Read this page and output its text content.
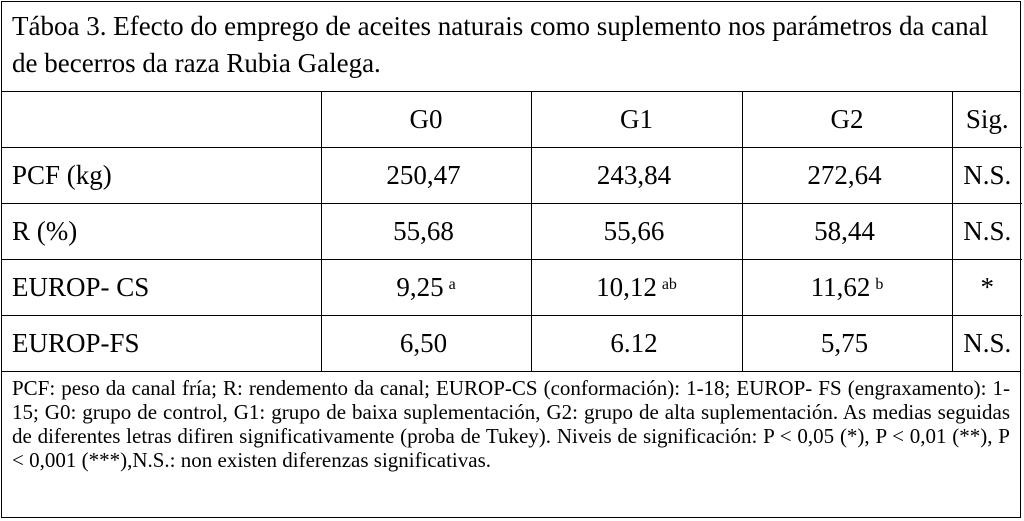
Táboa 3. Efecto do emprego de aceites naturais como suplemento nos parámetros da canal de becerros da raza Rubia Galega.
	G0	G1	G2	Sig.
PCF (kg)	250,47	243,84	272,64	N.S.
R (%)	55,68	55,66	58,44	N.S.
EUROP- CS	9,25 $^a$	10,12 $^{ab}$	11,62 $^b$	*
EUROP-FS	6,50	6.12	5,75	N.S.
PCF: peso da canal fría; R: rendemento da canal; EUROP-CS (conformación): 1-18; EUROP- FS (engraxamento): 1-15; G0: grupo de control, G1: grupo de baixa suplementación, G2: grupo de alta suplementación. As medias seguidas de diferentes letras difiren significativamente (proba de Tukey). Niveis de significación: P < 0,05 (*), P < 0,01 (**), P < 0,001 (***),N.S.: non existen diferenzas significativas.
